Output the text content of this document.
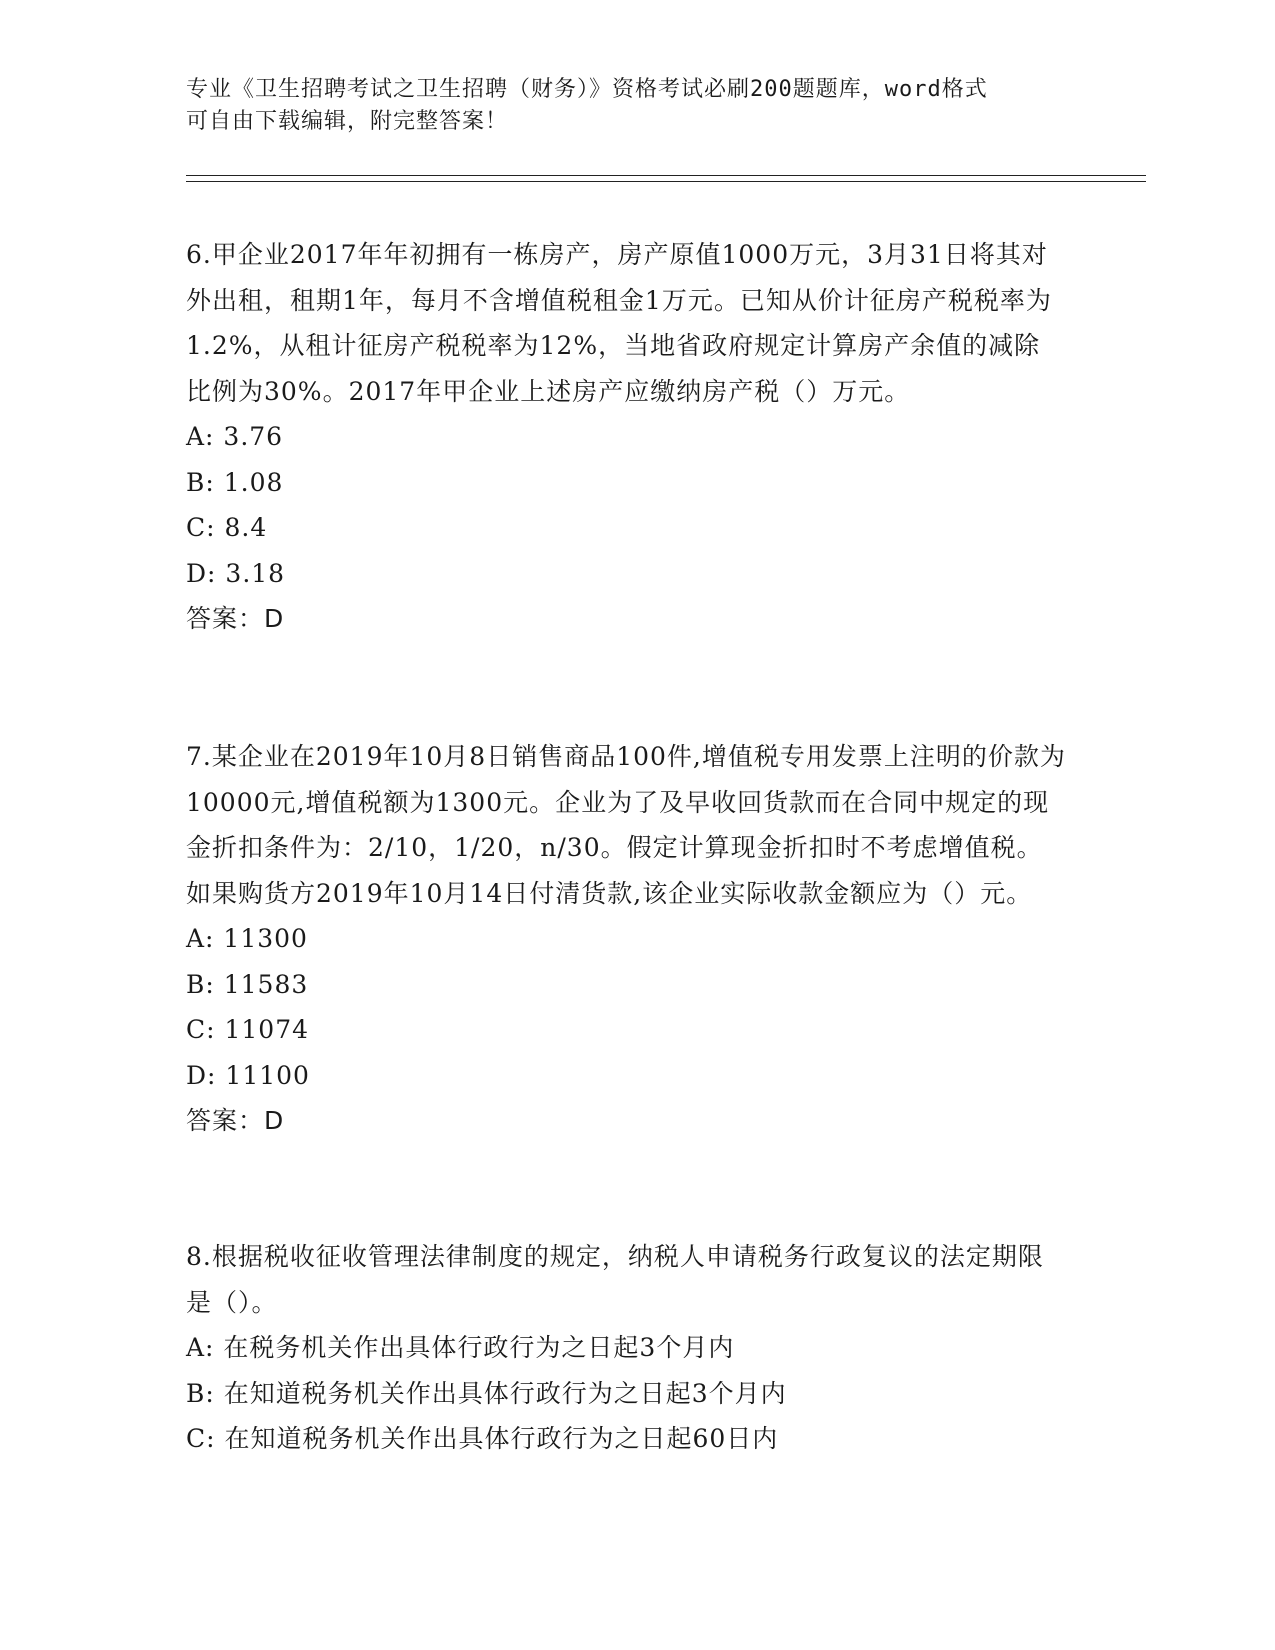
专业《卫生招聘考试之卫生招聘（财务）》资格考试必刷200题题库，word格式
可自由下载编辑，附完整答案！

6.甲企业2017年年初拥有一栋房产，房产原值1000万元，3月31日将其对外出租，租期1年，每月不含增值税租金1万元。已知从价计征房产税税率为1.2%，从租计征房产税税率为12%，当地省政府规定计算房产余值的减除比例为30%。2017年甲企业上述房产应缴纳房产税（）万元。

A: 3.76
B: 1.08
C: 8.4
D: 3.18
答案：D

7.某企业在2019年10月8日销售商品100件,增值税专用发票上注明的价款为10000元,增值税额为1300元。企业为了及早收回货款而在合同中规定的现金折扣条件为：2/10，1/20，n/30。假定计算现金折扣时不考虑增值税。如果购货方2019年10月14日付清货款,该企业实际收款金额应为（）元。

A: 11300
B: 11583
C: 11074
D: 11100
答案：D

8.根据税收征收管理法律制度的规定，纳税人申请税务行政复议的法定期限是（）。

A: 在税务机关作出具体行政行为之日起3个月内
B: 在知道税务机关作出具体行政行为之日起3个月内
C: 在知道税务机关作出具体行政行为之日起60日内
